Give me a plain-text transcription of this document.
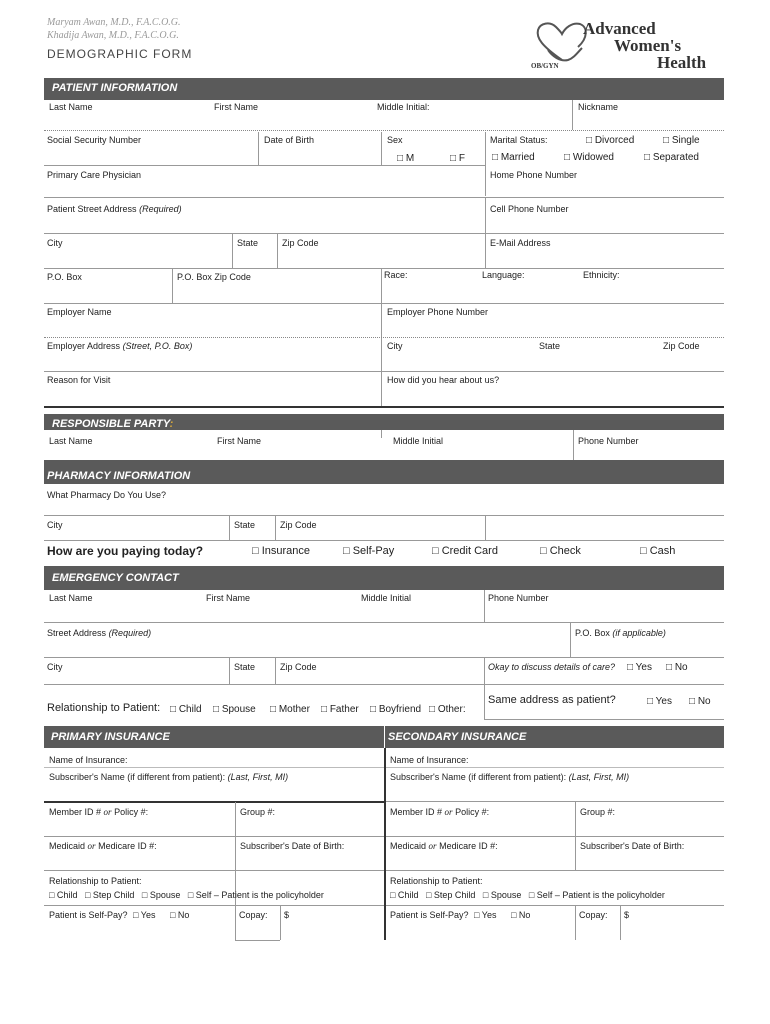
Maryam Awan, M.D., F.A.C.O.G.
Khadija Awan, M.D., F.A.C.O.G.
DEMOGRAPHIC FORM
Advanced
Women's
Health
OB/GYN
PATIENT INFORMATION
Last Name	First Name	Middle Initial:	Nickname
Social Security Number	Date of Birth	Sex
□ M	□ F
Marital Status:	□ Divorced	□ Single
□ Married	□ Widowed	□ Separated
Primary Care Physician	Home Phone Number
Patient Street Address (Required)	Cell Phone Number
City	State	Zip Code	E-Mail Address
P.O. Box	P.O. Box Zip Code	Race:	Language:	Ethnicity:
Employer Name	Employer Phone Number
Employer Address (Street, P.O. Box)	City	State	Zip Code
Reason for Visit	How did you hear about us?
RESPONSIBLE PARTY:
Last Name	First Name	Middle Initial	Phone Number
PHARMACY INFORMATION
What Pharmacy Do You Use?
City	State	Zip Code
How are you paying today?	□ Insurance	□ Self-Pay	□ Credit Card	□ Check	□ Cash
EMERGENCY CONTACT
Last Name	First Name	Middle Initial	Phone Number
Street Address (Required)	P.O. Box (if applicable)
City	State	Zip Code	Okay to discuss details of care? □ Yes □ No
Relationship to Patient: □ Child □ Spouse □ Mother □ Father □ Boyfriend □ Other:
Same address as patient?	□ Yes □ No
PRIMARY INSURANCE	SECONDARY INSURANCE
Name of Insurance:
Subscriber's Name (if different from patient): (Last, First, MI)
Member ID # or Policy #:	Group #:
Medicaid or Medicare ID #:	Subscriber's Date of Birth:
Relationship to Patient:
□ Child   □ Step Child   □ Spouse   □ Self – Patient is the policyholder
Patient is Self-Pay? □ Yes □ No	Copay: $
Name of Insurance:
Subscriber's Name (if different from patient): (Last, First, MI)
Member ID # or Policy #:	Group #:
Medicaid or Medicare ID #:	Subscriber's Date of Birth:
Relationship to Patient:
□ Child   □ Step Child   □ Spouse   □ Self – Patient is the policyholder
Patient is Self-Pay? □ Yes □ No	Copay: $
